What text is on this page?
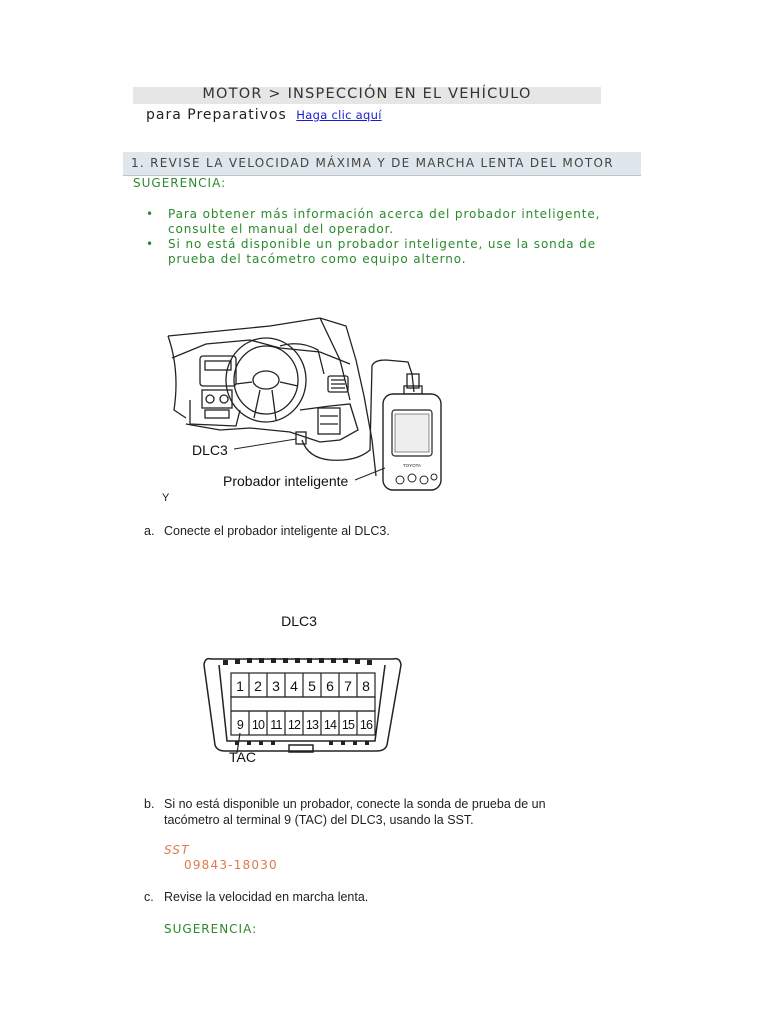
MOTOR > INSPECCIÓN EN EL VEHÍCULO
para Preparativos Haga clic aquí
1. REVISE LA VELOCIDAD MÁXIMA Y DE MARCHA LENTA DEL MOTOR
SUGERENCIA:
• Para obtener más información acerca del probador inteligente, consulte el manual del operador.
• Si no está disponible un probador inteligente, use la sonda de prueba del tacómetro como equipo alterno.
TOYOTA
DLC3
Probador inteligente
Y
a. Conecte el probador inteligente al DLC3.
DLC3
1 2 3 4 5 6 7 8
9 10 11 12 13 14 15 16
TAC
b. Si no está disponible un probador, conecte la sonda de prueba de un tacómetro al terminal 9 (TAC) del DLC3, usando la SST.
SST
09843-18030
c. Revise la velocidad en marcha lenta.
SUGERENCIA:
